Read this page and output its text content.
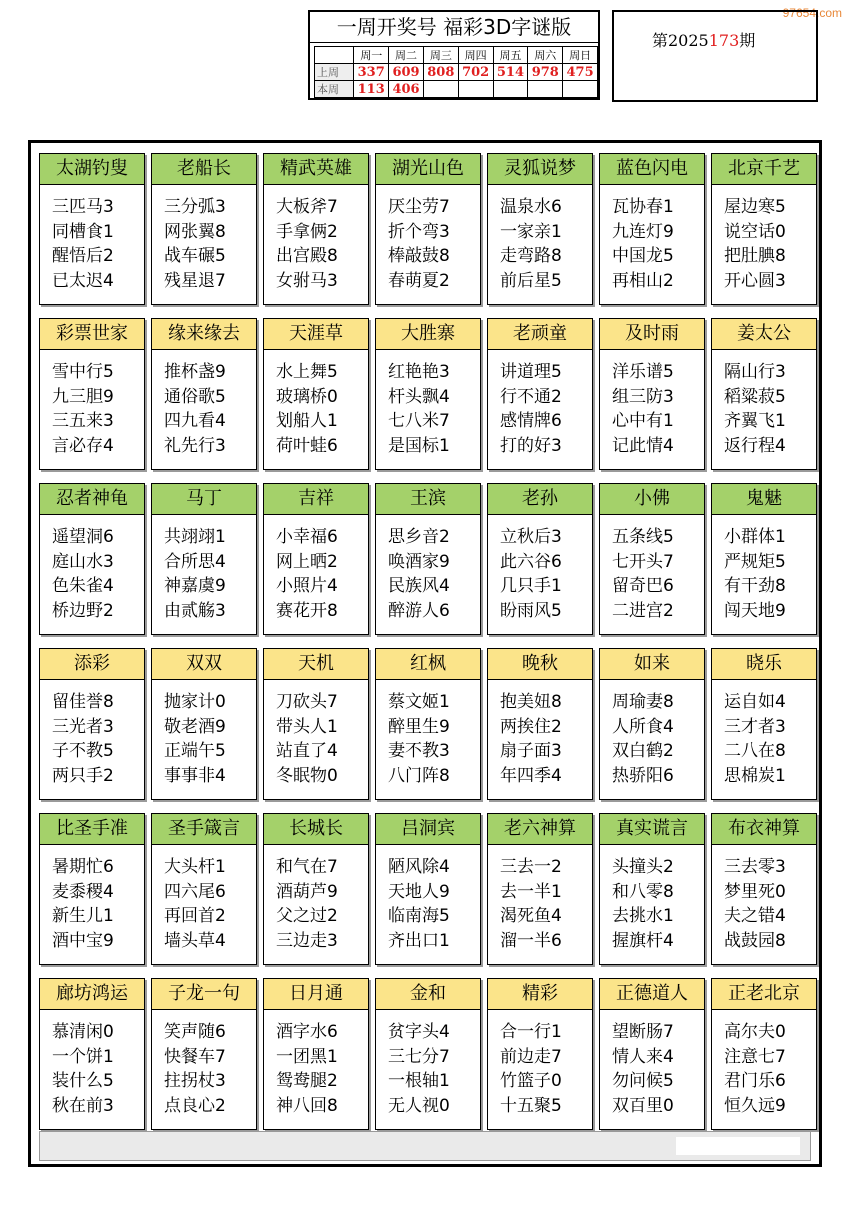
97654.com
一周开奖号 福彩3D字谜版
	周一	周二	周三	周四	周五	周六	周日
上周	337	609	808	702	514	978	475
本周	113	406					
第2025173期
太湖钓叟
三匹马3
同槽食1
醒悟后2
已太迟4
老船长
三分弧3
网张翼8
战车碾5
残星退7
精武英雄
大板斧7
手拿俩2
出宫殿8
女驸马3
湖光山色
厌尘劳7
折个弯3
棒敲鼓8
春萌夏2
灵狐说梦
温泉水6
一家亲1
走弯路8
前后星5
蓝色闪电
瓦协春1
九连灯9
中国龙5
再相山2
北京千艺
屋边寒5
说空话0
把肚腆8
开心圆3
彩票世家
雪中行5
九三胆9
三五来3
言必存4
缘来缘去
推杯盏9
通俗歌5
四九看4
礼先行3
天涯草
水上舞5
玻璃桥0
划船人1
荷叶蛙6
大胜寨
红艳艳3
杆头飘4
七八米7
是国标1
老顽童
讲道理5
行不通2
感情牌6
打的好3
及时雨
洋乐谱5
组三防3
心中有1
记此情4
姜太公
隔山行3
稻粱菽5
齐翼飞1
返行程4
忍者神龟
遥望洞6
庭山水3
色朱雀4
桥边野2
马丁
共翊翊1
合所思4
神嘉虞9
由贰觞3
吉祥
小幸福6
网上晒2
小照片4
赛花开8
王滨
思乡音2
唤酒家9
民族风4
醉游人6
老孙
立秋后3
此六谷6
几只手1
盼雨风5
小佛
五条线5
七开头7
留奇巴6
二进宫2
鬼魅
小群体1
严规矩5
有干劲8
闯天地9
添彩
留佳誉8
三光者3
子不教5
两只手2
双双
抛家计0
敬老酒9
正端午5
事事非4
天机
刀砍头7
带头人1
站直了4
冬眠物0
红枫
蔡文姬1
醉里生9
妻不教3
八门阵8
晚秋
抱美妞8
两挨住2
扇子面3
年四季4
如来
周瑜妻8
人所食4
双白鹤2
热骄阳6
晓乐
运自如4
三才者3
二八在8
思棉炭1
比圣手准
暑期忙6
麦黍稷4
新生儿1
酒中宝9
圣手箴言
大头杆1
四六尾6
再回首2
墙头草4
长城长
和气在7
酒葫芦9
父之过2
三边走3
吕洞宾
陋风除4
天地人9
临南海5
齐出口1
老六神算
三去一2
去一半1
渴死鱼4
溜一半6
真实谎言
头撞头2
和八零8
去挑水1
握旗杆4
布衣神算
三去零3
梦里死0
夫之错4
战鼓园8
廊坊鸿运
慕清闲0
一个饼1
装什么5
秋在前3
子龙一句
笑声随6
快餐车7
拄拐杖3
点良心2
日月通
酒字水6
一团黑1
鸳鸯腿2
神八回8
金和
贫字头4
三七分7
一根轴1
无人视0
精彩
合一行1
前边走7
竹篮子0
十五聚5
正德道人
望断肠7
情人来4
勿问候5
双百里0
正老北京
高尔夫0
注意七7
君门乐6
恒久远9
